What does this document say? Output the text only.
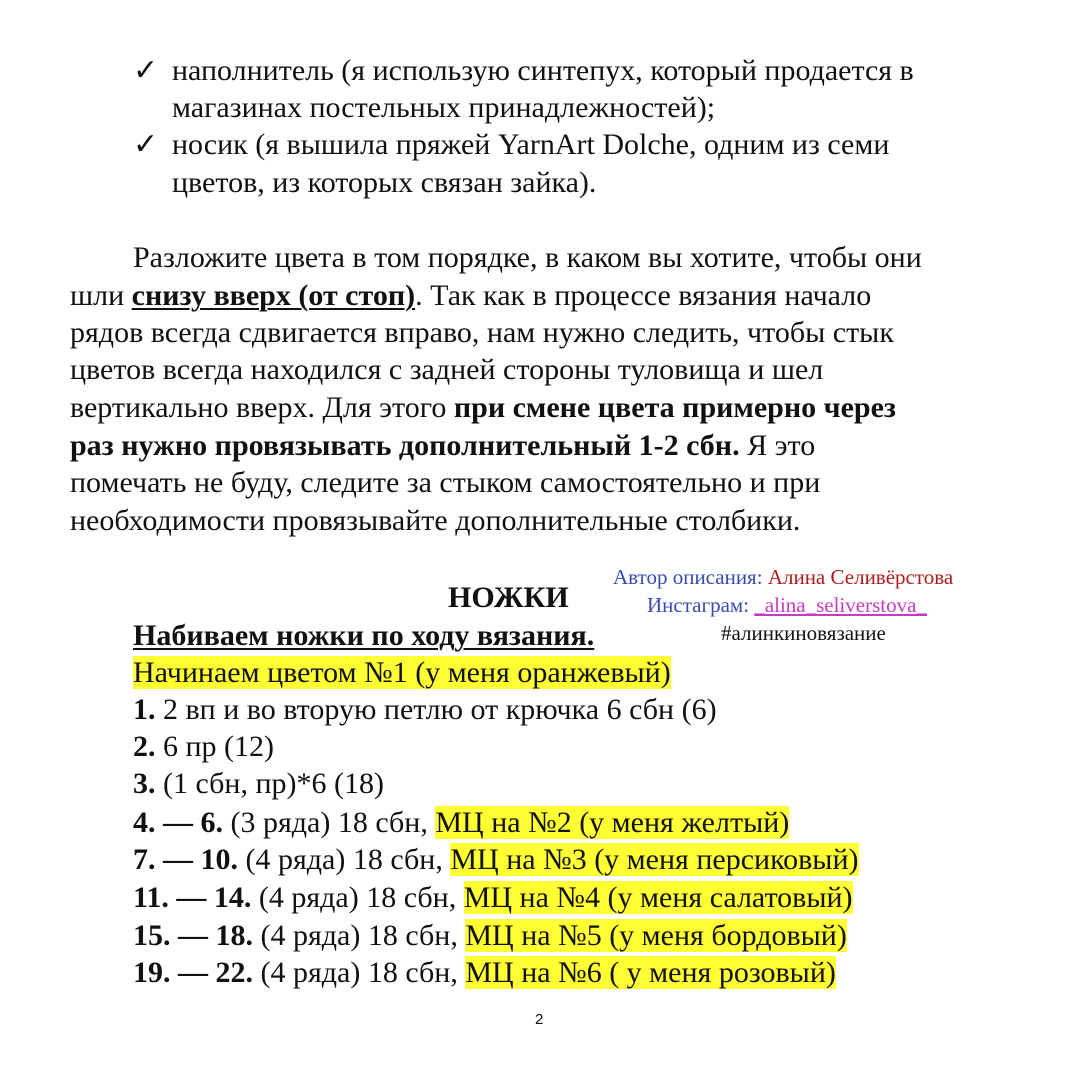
✓ наполнитель (я использую синтепух, который продается в
магазинах постельных принадлежностей);
✓ носик (я вышила пряжей YarnArt Dolche, одним из семи
цветов, из которых связан зайка).
Разложите цвета в том порядке, в каком вы хотите, чтобы они
шли снизу вверх (от стоп). Так как в процессе вязания начало
рядов всегда сдвигается вправо, нам нужно следить, чтобы стык
цветов всегда находился с задней стороны туловища и шел
вертикально вверх. Для этого при смене цвета примерно через
раз нужно провязывать дополнительный 1-2 сбн. Я это
помечать не буду, следите за стыком самостоятельно и при
необходимости провязывайте дополнительные столбики.
Автор описания: Алина Селивёрстова
Инстаграм: _alina_seliverstova_
#алинкиновязание
НОЖКИ
Набиваем ножки по ходу вязания.
Начинаем цветом №1 (у меня оранжевый)
1. 2 вп и во вторую петлю от крючка 6 сбн (6)
2. 6 пр (12)
3. (1 сбн, пр)*6 (18)
4. — 6. (3 ряда) 18 сбн, МЦ на №2 (у меня желтый)
7. — 10. (4 ряда) 18 сбн, МЦ на №3 (у меня персиковый)
11. — 14. (4 ряда) 18 сбн, МЦ на №4 (у меня салатовый)
15. — 18. (4 ряда) 18 сбн, МЦ на №5 (у меня бордовый)
19. — 22. (4 ряда) 18 сбн, МЦ на №6 ( у меня розовый)
2
